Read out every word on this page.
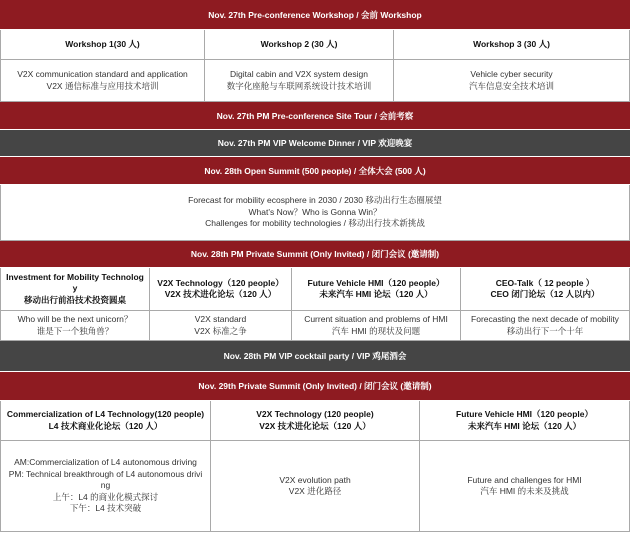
Nov. 27th Pre-conference Workshop / 会前 Workshop
Workshop 1(30 人)	Workshop 2 (30 人)	Workshop 3 (30 人)
V2X communication standard and application
V2X 通信标准与应用技术培训
Digital cabin and V2X system design
数字化座舱与车联网系统设计技术培训
Vehicle cyber security
汽车信息安全技术培训
Nov. 27th PM Pre-conference Site Tour / 会前考察
Nov. 27th PM VIP Welcome Dinner / VIP 欢迎晚宴
Nov. 28th Open Summit (500 people) / 全体大会 (500 人)
Forecast for mobility ecosphere in 2030 / 2030 移动出行生态圈展望
What’s Now？Who is Gonna Win？
Challenges for mobility technologies / 移动出行技术新挑战
Nov. 28th PM Private Summit (Only Invited) / 闭门会议 (邀请制)
Investment for Mobility Technolog
y
移动出行前沿技术投资圆桌
V2X Technology（120 people）
V2X 技术进化论坛（120 人）
Future Vehicle HMI（120 people）
未来汽车 HMI 论坛（120 人）
CEO-Talk（ 12 people ）
CEO 闭门论坛（12 人以内）
Who will be the next unicorn？
谁是下一个独角兽？
V2X standard
V2X 标准之争
Current situation and problems of HMI
汽车 HMI 的现状及问题
Forecasting the next decade of mobility
移动出行下一个十年
Nov. 28th PM VIP cocktail party / VIP 鸡尾酒会
Nov. 29th Private Summit (Only Invited) / 闭门会议 (邀请制)
Commercialization of L4 Technology(120 people)
L4 技术商业化论坛（120 人）
V2X Technology (120 people)
V2X 技术进化论坛（120 人）
Future Vehicle HMI（120 people）
未来汽车 HMI 论坛（120 人）
AM:Commercialization of L4 autonomous driving
PM: Technical breakthrough of L4 autonomous drivi
ng
上午：L4 的商业化模式探讨
下午：L4 技术突破
V2X evolution path
V2X 进化路径
Future and challenges for HMI
汽车 HMI 的未来及挑战
